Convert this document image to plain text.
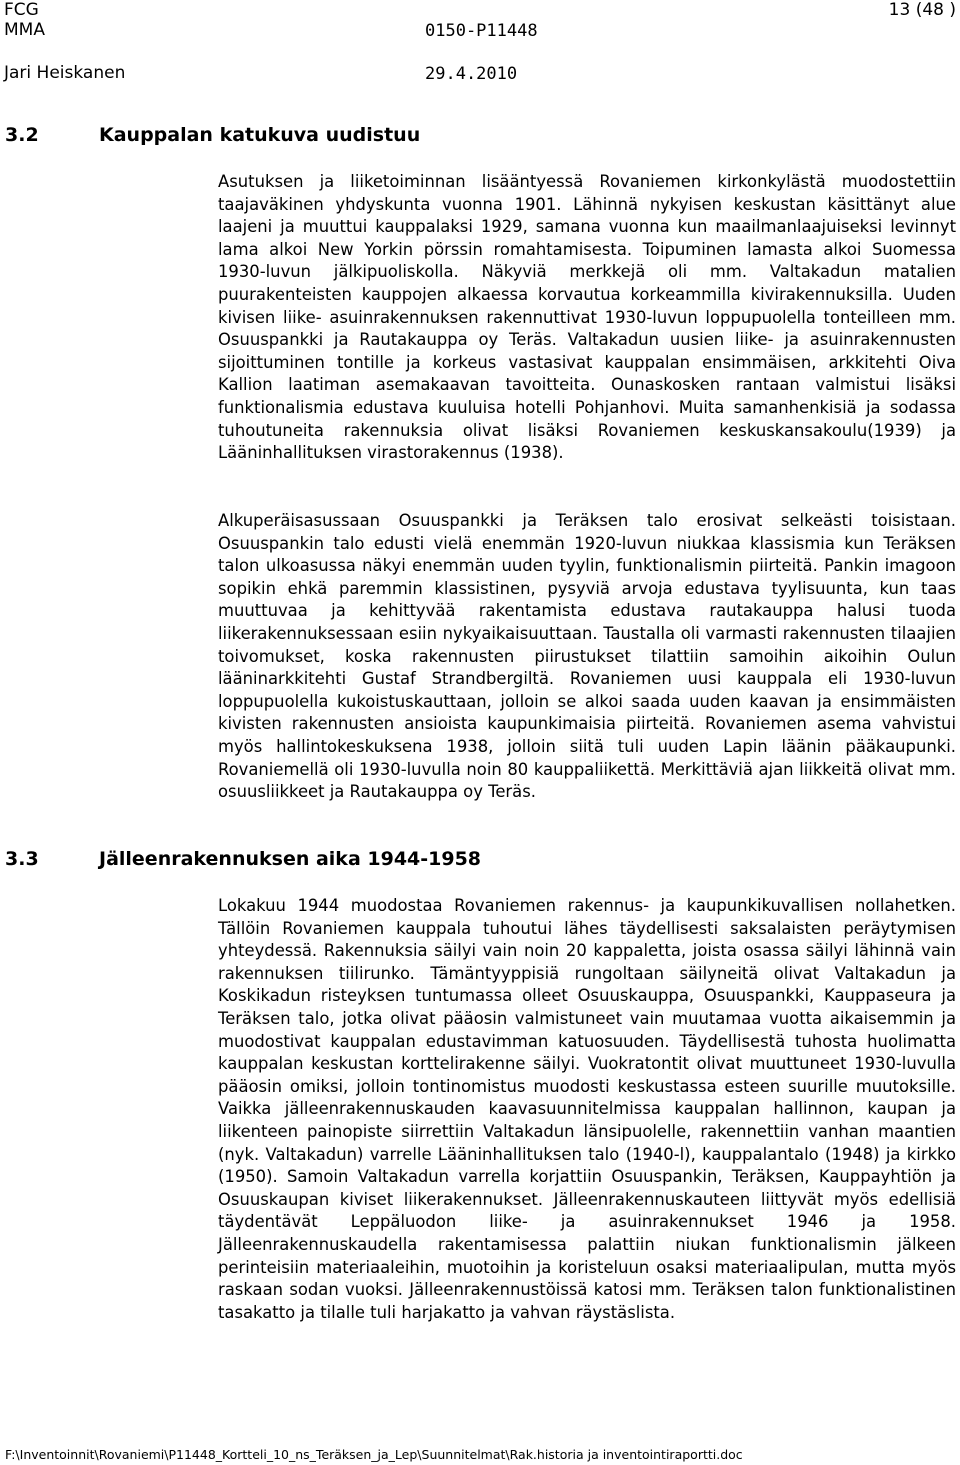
FCG	13 (48 )
MMA	0150-P11448
Jari Heiskanen	29.4.2010
3.2	Kauppalan katukuva uudistuu

Asutuksen ja liiketoiminnan lisääntyessä Rovaniemen kirkonkylästä muodostettiin taajaväkinen yhdyskunta vuonna 1901. Lähinnä nykyisen keskustan käsittänyt alue laajeni ja muuttui kauppalaksi 1929, samana vuonna kun maailmanlaajuiseksi levinnyt lama alkoi New Yorkin pörssin romahtamisesta. Toipuminen lamasta alkoi Suomessa 1930-luvun jälkipuoliskolla. Näkyviä merkkejä oli mm. Valtakadun matalien puurakenteisten kauppojen alkaessa korvautua korkeammilla kivirakennuksilla. Uuden kivisen liike- asuinrakennuksen rakennuttivat 1930-luvun loppupuolella tonteilleen mm. Osuuspankki ja Rautakauppa oy Teräs. Valtakadun uusien liike- ja asuinrakennusten sijoittuminen tontille ja korkeus vastasivat kauppalan ensimmäisen, arkkitehti Oiva Kallion laatiman asemakaavan tavoitteita. Ounaskosken rantaan valmistui lisäksi funktionalismia edustava kuuluisa hotelli Pohjanhovi. Muita samanhenkisiä ja sodassa tuhoutuneita rakennuksia olivat lisäksi Rovaniemen keskuskansakoulu(1939) ja Lääninhallituksen virastorakennus (1938).

Alkuperäisasussaan Osuuspankki ja Teräksen talo erosivat selkeästi toisistaan. Osuuspankin talo edusti vielä enemmän 1920-luvun niukkaa klassismia kun Teräksen talon ulkoasussa näkyi enemmän uuden tyylin, funktionalismin piirteitä. Pankin imagoon sopikin ehkä paremmin klassistinen, pysyviä arvoja edustava tyylisuunta, kun taas muuttuvaa ja kehittyvää rakentamista edustava rautakauppa halusi tuoda liikerakennuksessaan esiin nykyaikaisuuttaan. Taustalla oli varmasti rakennusten tilaajien toivomukset, koska rakennusten piirustukset tilattiin samoihin aikoihin Oulun lääninarkkitehti Gustaf Strandbergiltä. Rovaniemen uusi kauppala eli 1930-luvun loppupuolella kukoistuskauttaan, jolloin se alkoi saada uuden kaavan ja ensimmäisten kivisten rakennusten ansioista kaupunkimaisia piirteitä. Rovaniemen asema vahvistui myös hallintokeskuksena 1938, jolloin siitä tuli uuden Lapin läänin pääkaupunki. Rovaniemellä oli 1930-luvulla noin 80 kauppaliikettä. Merkittäviä ajan liikkeitä olivat mm. osuusliikkeet ja Rautakauppa oy Teräs.

3.3	Jälleenrakennuksen aika 1944-1958

Lokakuu 1944 muodostaa Rovaniemen rakennus- ja kaupunkikuvallisen nollahetken. Tällöin Rovaniemen kauppala tuhoutui lähes täydellisesti saksalaisten peräytymisen yhteydessä. Rakennuksia säilyi vain noin 20 kappaletta, joista osassa säilyi lähinnä vain rakennuksen tiilirunko. Tämäntyyppisiä rungoltaan säilyneitä olivat Valtakadun ja Koskikadun risteyksen tuntumassa olleet Osuuskauppa, Osuuspankki, Kauppaseura ja Teräksen talo, jotka olivat pääosin valmistuneet vain muutamaa vuotta aikaisemmin ja muodostivat kauppalan edustavimman katuosuuden. Täydellisestä tuhosta huolimatta kauppalan keskustan korttelirakenne säilyi. Vuokratontit olivat muuttuneet 1930-luvulla pääosin omiksi, jolloin tontinomistus muodosti keskustassa esteen suurille muutoksille. Vaikka jälleenrakennuskauden kaavasuunnitelmissa kauppalan hallinnon, kaupan ja liikenteen painopiste siirrettiin Valtakadun länsipuolelle, rakennettiin vanhan maantien (nyk. Valtakadun) varrelle Lääninhallituksen talo (1940-l), kauppalantalo (1948) ja kirkko (1950). Samoin Valtakadun varrella korjattiin Osuuspankin, Teräksen, Kauppayhtiön ja Osuuskaupan kiviset liikerakennukset. Jälleenrakennuskauteen liittyvät myös edellisiä täydentävät Leppäluodon liike- ja asuinrakennukset 1946 ja 1958. Jälleenrakennuskaudella rakentamisessa palattiin niukan funktionalismin jälkeen perinteisiin materiaaleihin, muotoihin ja koristeluun osaksi materiaalipulan, mutta myös raskaan sodan vuoksi. Jälleenrakennustöissä katosi mm. Teräksen talon funktionalistinen tasakatto ja tilalle tuli harjakatto ja vahvan räystäslista.

F:\Inventoinnit\Rovaniemi\P11448_Kortteli_10_ns_Teräksen_ja_Lep\Suunnitelmat\Rak.historia ja inventointiraportti.doc
